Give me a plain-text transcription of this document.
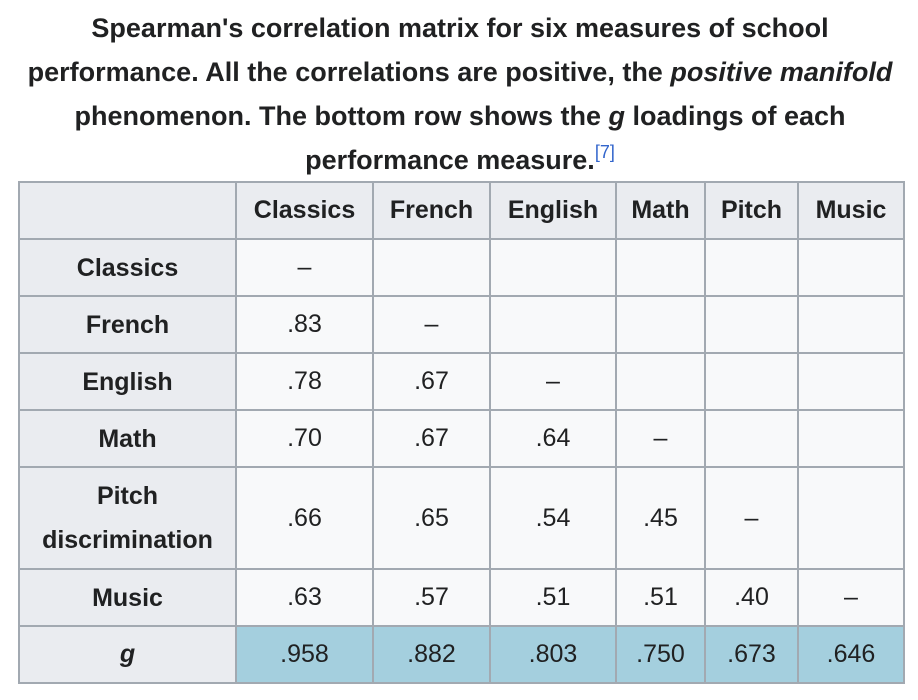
Spearman's correlation matrix for six measures of school performance. All the correlations are positive, the positive manifold phenomenon. The bottom row shows the g loadings of each performance measure.[7]
	Classics	French	English	Math	Pitch	Music
Classics	–					
French	.83	–				
English	.78	.67	–			
Math	.70	.67	.64	–		
Pitch discrimination	.66	.65	.54	.45	–	
Music	.63	.57	.51	.51	.40	–
g	.958	.882	.803	.750	.673	.646
